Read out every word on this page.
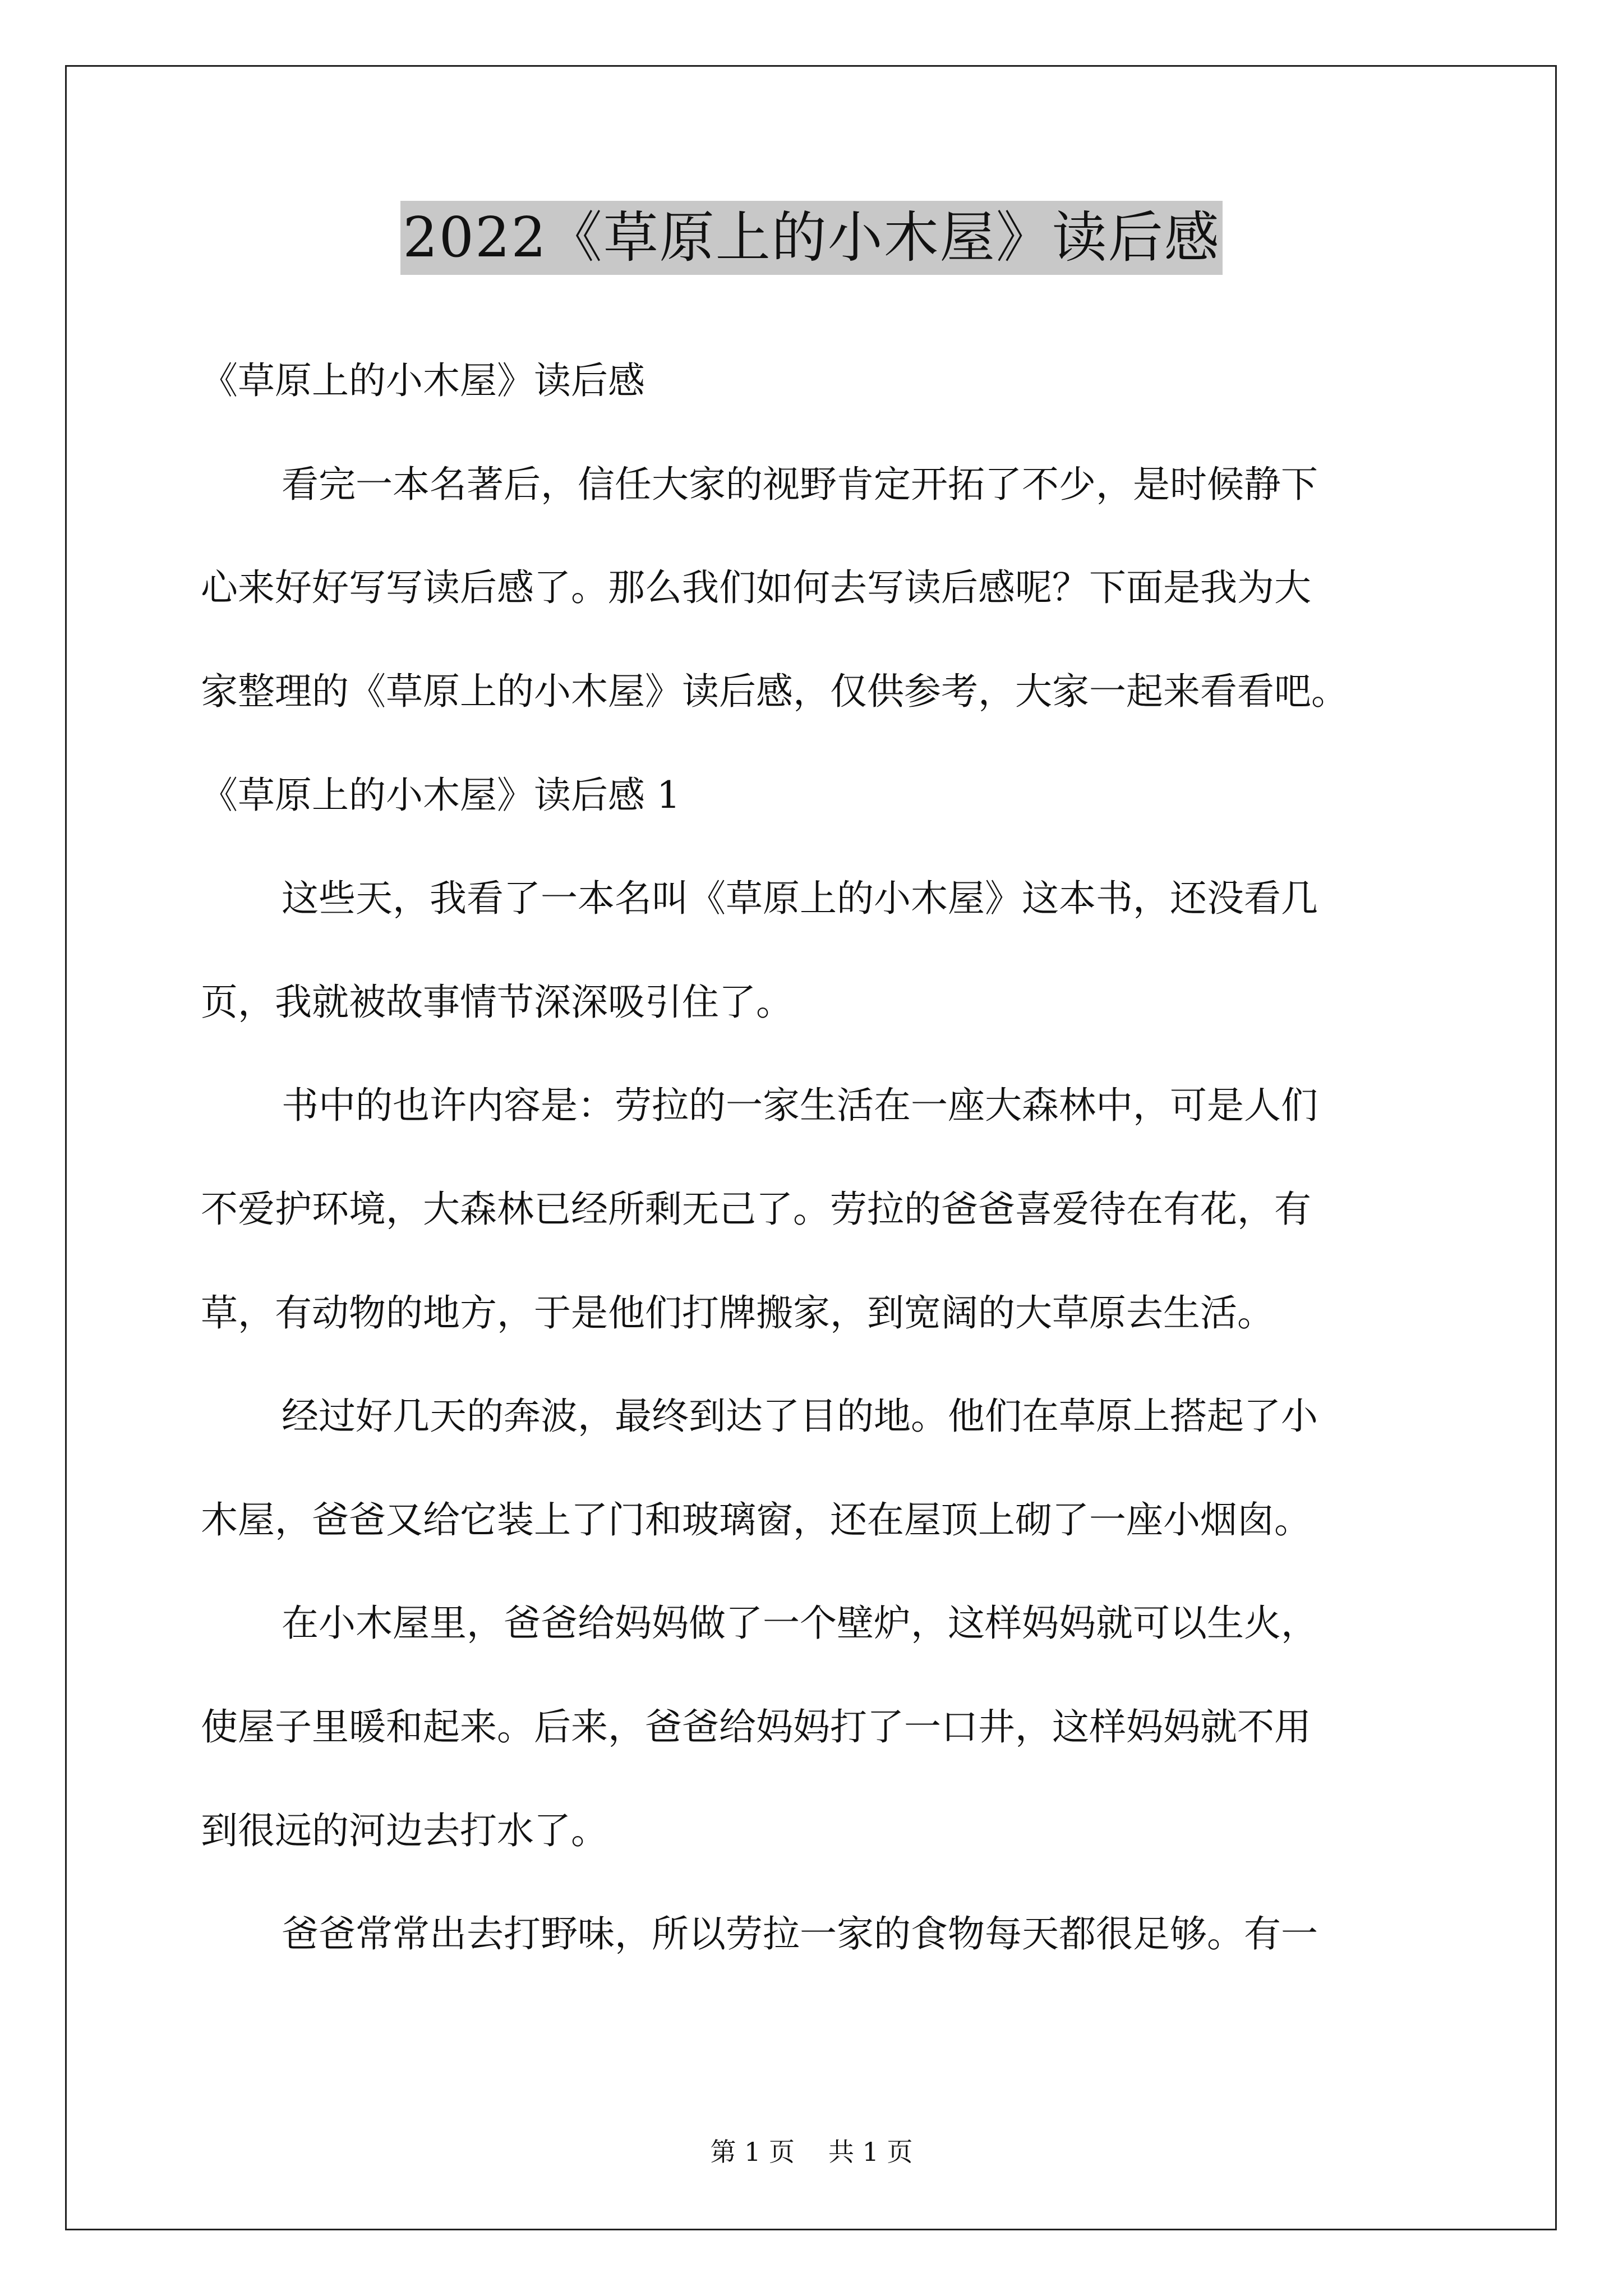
2022《草原上的小木屋》读后感

《草原上的小木屋》读后感

看完一本名著后，信任大家的视野肯定开拓了不少，是时候静下

心来好好写写读后感了。那么我们如何去写读后感呢？下面是我为大

家整理的《草原上的小木屋》读后感，仅供参考，大家一起来看看吧。

《草原上的小木屋》读后感 1

这些天，我看了一本名叫《草原上的小木屋》这本书，还没看几

页，我就被故事情节深深吸引住了。

书中的也许内容是：劳拉的一家生活在一座大森林中，可是人们

不爱护环境，大森林已经所剩无己了。劳拉的爸爸喜爱待在有花，有

草，有动物的地方，于是他们打牌搬家，到宽阔的大草原去生活。

经过好几天的奔波，最终到达了目的地。他们在草原上搭起了小

木屋，爸爸又给它装上了门和玻璃窗，还在屋顶上砌了一座小烟囱。

在小木屋里，爸爸给妈妈做了一个壁炉，这样妈妈就可以生火，

使屋子里暖和起来。后来，爸爸给妈妈打了一口井，这样妈妈就不用

到很远的河边去打水了。

爸爸常常出去打野味，所以劳拉一家的食物每天都很足够。有一

第 1 页 共 1 页
